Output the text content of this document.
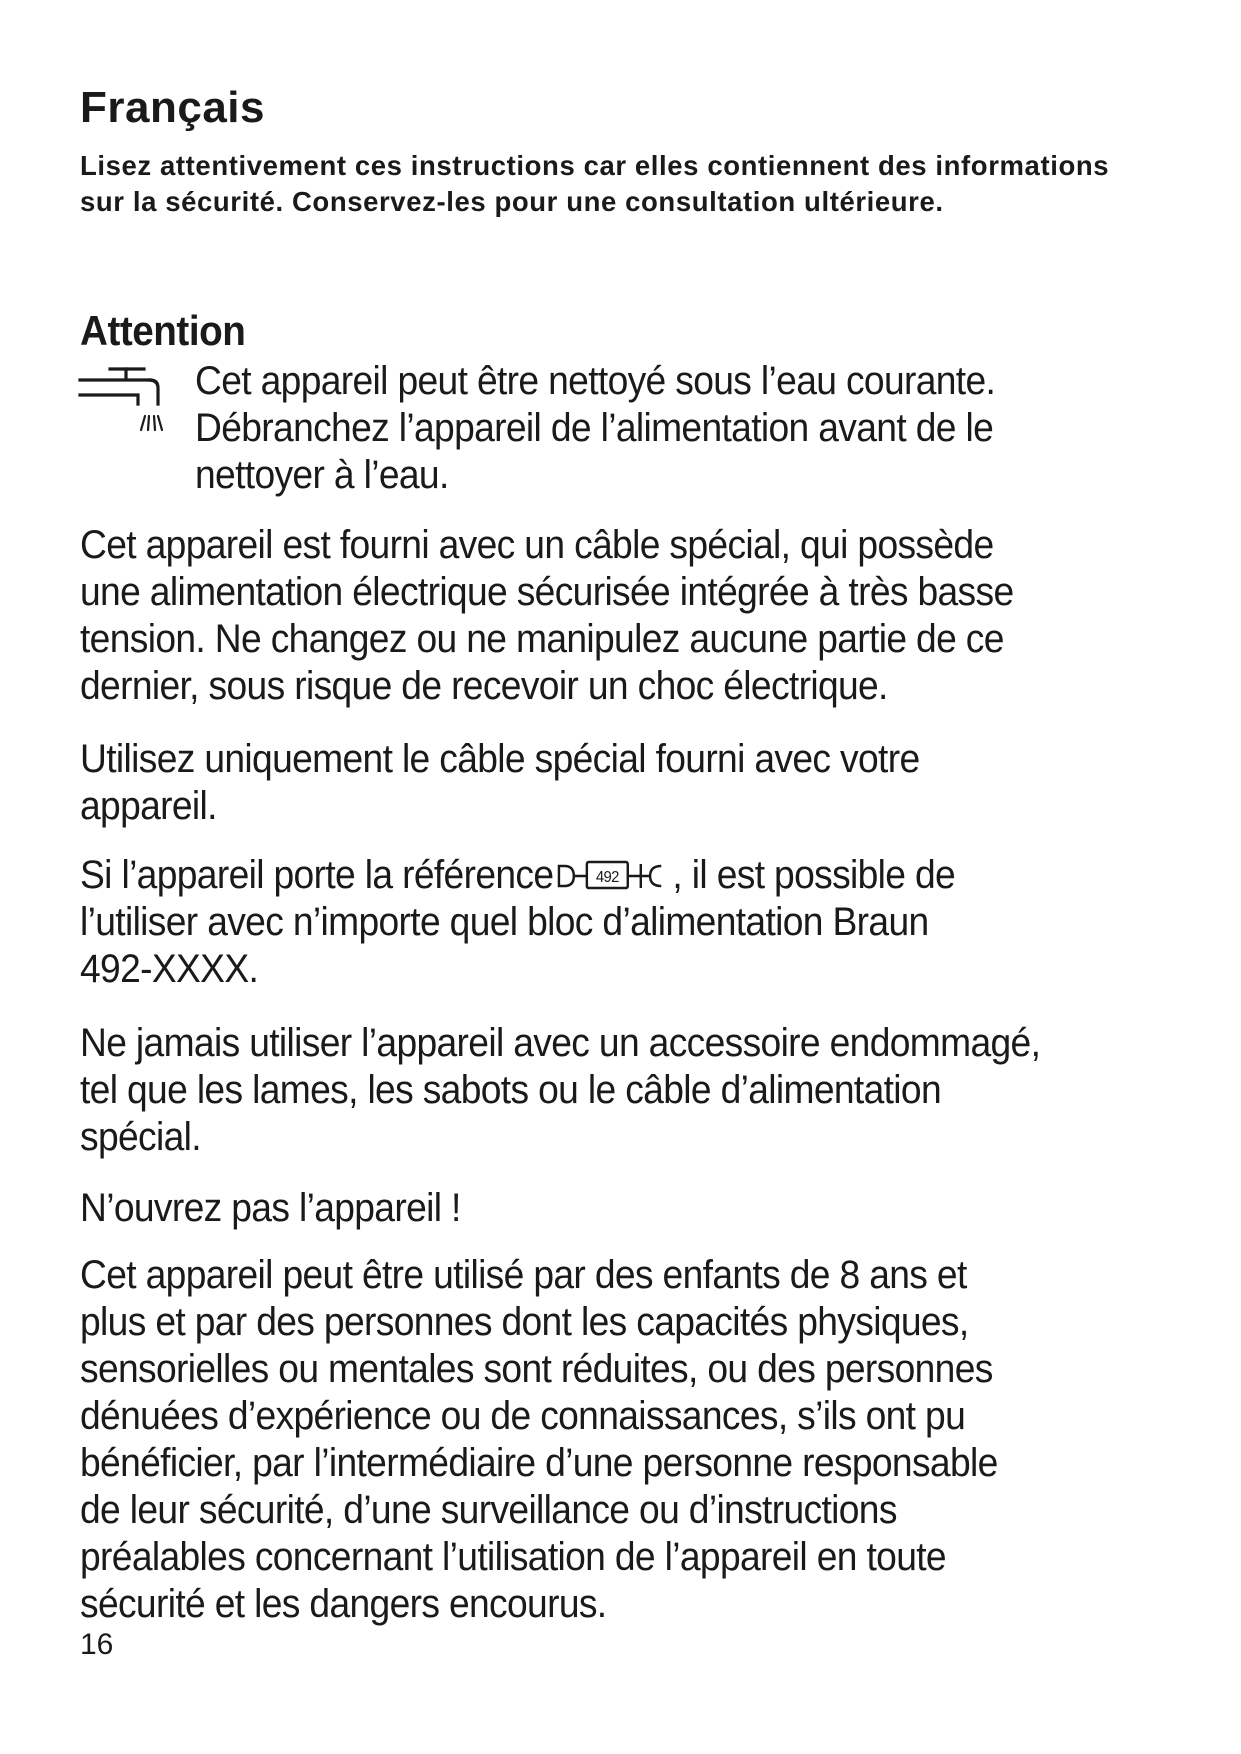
Français

Lisez attentivement ces instructions car elles contiennent des informations sur la sécurité. Conservez-les pour une consultation ultérieure.

Attention
Cet appareil peut être nettoyé sous l’eau courante.
Débranchez l’appareil de l’alimentation avant de le
nettoyer à l’eau.
Cet appareil est fourni avec un câble spécial, qui possède
une alimentation électrique sécurisée intégrée à très basse
tension. Ne changez ou ne manipulez aucune partie de ce
dernier, sous risque de recevoir un choc électrique.
Utilisez uniquement le câble spécial fourni avec votre
appareil.
Si l’appareil porte la référence	492 , il est possible de
l’utiliser avec n’importe quel bloc d’alimentation Braun
492-XXXX.
Ne jamais utiliser l’appareil avec un accessoire endommagé,
tel que les lames, les sabots ou le câble d’alimentation
spécial.
N’ouvrez pas l’appareil !
Cet appareil peut être utilisé par des enfants de 8 ans et
plus et par des personnes dont les capacités physiques,
sensorielles ou mentales sont réduites, ou des personnes
dénuées d’expérience ou de connaissances, s’ils ont pu
bénéficier, par l’intermédiaire d’une personne responsable
de leur sécurité, d’une surveillance ou d’instructions
préalables concernant l’utilisation de l’appareil en toute
sécurité et les dangers encourus.

16
